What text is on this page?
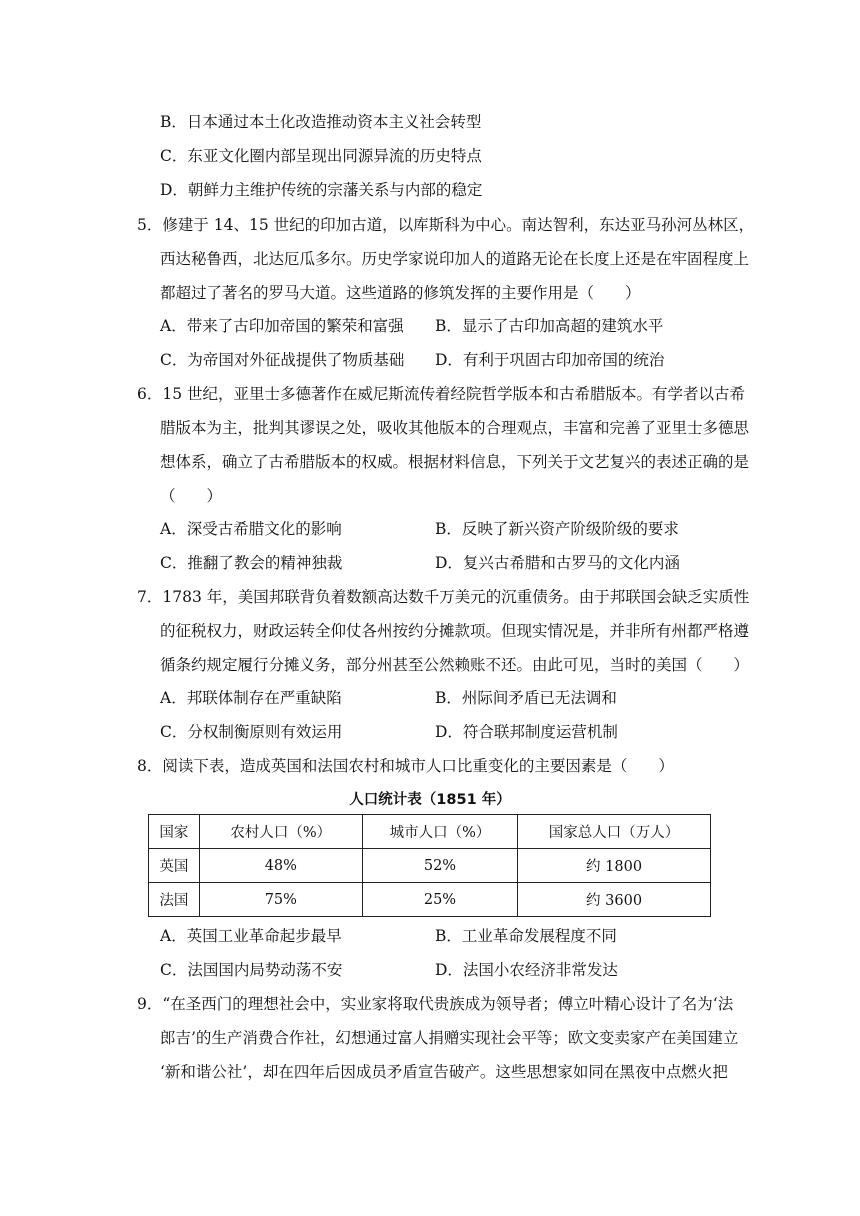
B．日本通过本土化改造推动资本主义社会转型
C．东亚文化圈内部呈现出同源异流的历史特点
D．朝鲜力主维护传统的宗藩关系与内部的稳定
5．修建于 14、15 世纪的印加古道，以库斯科为中心。南达智利，东达亚马孙河丛林区，
西达秘鲁西，北达厄瓜多尔。历史学家说印加人的道路无论在长度上还是在牢固程度上
都超过了著名的罗马大道。这些道路的修筑发挥的主要作用是（　　）
A．带来了古印加帝国的繁荣和富强 B．显示了古印加高超的建筑水平
C．为帝国对外征战提供了物质基础 D．有利于巩固古印加帝国的统治
6．15 世纪，亚里士多德著作在威尼斯流传着经院哲学版本和古希腊版本。有学者以古希
腊版本为主，批判其谬误之处，吸收其他版本的合理观点，丰富和完善了亚里士多德思
想体系，确立了古希腊版本的权威。根据材料信息，下列关于文艺复兴的表述正确的是
（　　）
A．深受古希腊文化的影响	B．反映了新兴资产阶级阶级的要求
C．推翻了教会的精神独裁	D．复兴古希腊和古罗马的文化内涵
7．1783 年，美国邦联背负着数额高达数千万美元的沉重债务。由于邦联国会缺乏实质性
的征税权力，财政运转全仰仗各州按约分摊款项。但现实情况是，并非所有州都严格遵
循条约规定履行分摊义务，部分州甚至公然赖账不还。由此可见，当时的美国（　　）
A．邦联体制存在严重缺陷	B．州际间矛盾已无法调和
C．分权制衡原则有效运用	D．符合联邦制度运营机制
8．阅读下表，造成英国和法国农村和城市人口比重变化的主要因素是（　　）
人口统计表（1851 年）
国家	农村人口（%）	城市人口（%）	国家总人口（万人）
英国	48%	52%	约 1800
法国	75%	25%	约 3600
A．英国工业革命起步最早	B．工业革命发展程度不同
C．法国国内局势动荡不安	D．法国小农经济非常发达
9．“在圣西门的理想社会中，实业家将取代贵族成为领导者；傅立叶精心设计了名为‘法
郎吉’的生产消费合作社，幻想通过富人捐赠实现社会平等；欧文变卖家产在美国建立
‘新和谐公社’，却在四年后因成员矛盾宣告破产。这些思想家如同在黑夜中点燃火把
